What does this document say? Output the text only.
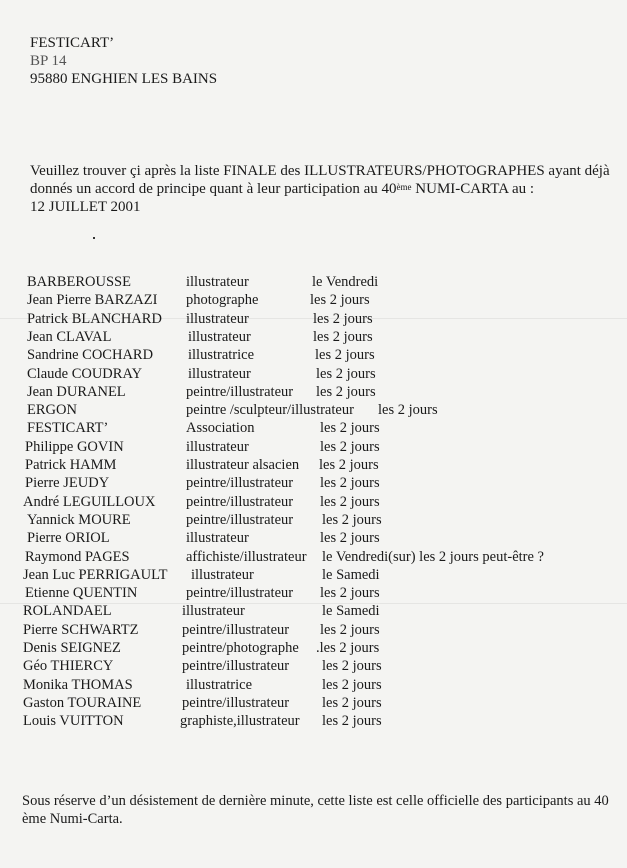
FESTICART’
BP 14
95880 ENGHIEN LES BAINS
Veuillez trouver çi après la liste FINALE des ILLUSTRATEURS/PHOTOGRAPHES ayant déjà donnés un accord de principe quant à leur participation au 40ème NUMI-CARTA au :
12 JUILLET 2001
BARBEROUSSE	illustrateur	le Vendredi
Jean Pierre BARZAZI photographe	les 2 jours
Patrick BLANCHARD illustrateur	les 2 jours
Jean CLAVAL	illustrateur	les 2 jours
Sandrine COCHARD illustratrice	les 2 jours
Claude COUDRAY	illustrateur	les 2 jours
Jean DURANEL	peintre/illustrateur les 2 jours
ERGON	peintre /sculpteur/illustrateur les 2 jours
FESTICART’	Association	les 2 jours
Philippe GOVIN	illustrateur	les 2 jours
Patrick HAMM	illustrateur alsacien les 2 jours
Pierre JEUDY	peintre/illustrateur les 2 jours
André LEGUILLOUX peintre/illustrateur les 2 jours
Yannick MOURE	peintre/illustrateur les 2 jours
Pierre ORIOL	illustrateur	les 2 jours
Raymond PAGES	affichiste/illustrateur le Vendredi(sur) les 2 jours peut-être ?
Jean Luc PERRIGAULT illustrateur	le Samedi
Etienne QUENTIN	peintre/illustrateur les 2 jours
ROLANDAEL	illustrateur	le Samedi
Pierre SCHWARTZ	peintre/illustrateur les 2 jours
Denis SEIGNEZ	peintre/photographe .les 2 jours
Géo THIERCY	peintre/illustrateur les 2 jours
Monika THOMAS	illustratrice	les 2 jours
Gaston TOURAINE	peintre/illustrateur les 2 jours
Louis VUITTON	graphiste,illustrateur les 2 jours
Sous réserve d’un désistement de dernière minute, cette liste est celle officielle des participants au 40 ème Numi-Carta.
